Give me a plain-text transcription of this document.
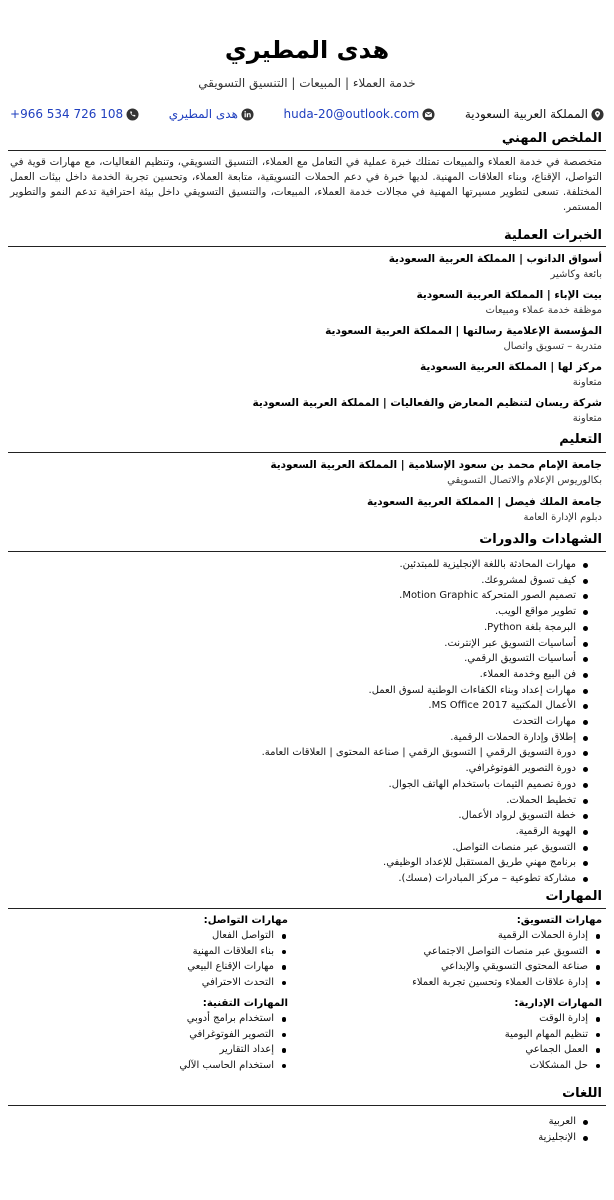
هدى المطيري
خدمة العملاء | المبيعات | التنسيق التسويقي
المملكة العربية السعودية
huda-20@outlook.com
هدى المطيري
+966 534 726 108
الملخص المهني
متخصصة في خدمة العملاء والمبيعات تمتلك خبرة عملية في التعامل مع العملاء، التنسيق التسويقي، وتنظيم الفعاليات، مع مهارات قوية في التواصل، الإقناع، وبناء العلاقات المهنية. لديها خبرة في دعم الحملات التسويقية، متابعة العملاء، وتحسين تجربة الخدمة داخل بيئات العمل المختلفة. تسعى لتطوير مسيرتها المهنية في مجالات خدمة العملاء، المبيعات، والتنسيق التسويقي داخل بيئة احترافية تدعم النمو والتطوير المستمر.
الخبرات العملية
أسواق الدانوب | المملكة العربية السعودية
بائعة وكاشير
بيت الإباء | المملكة العربية السعودية
موظفة خدمة عملاء ومبيعات
المؤسسة الإعلامية رسالتها | المملكة العربية السعودية
متدربة – تسويق واتصال
مركز لها | المملكة العربية السعودية
متعاونة
شركة ريسان لتنظيم المعارض والفعاليات | المملكة العربية السعودية
متعاونة
التعليم
جامعة الإمام محمد بن سعود الإسلامية | المملكة العربية السعودية
بكالوريوس الإعلام والاتصال التسويقي
جامعة الملك فيصل | المملكة العربية السعودية
دبلوم الإدارة العامة
الشهادات والدورات
مهارات المحادثة باللغة الإنجليزية للمبتدئين.
كيف تسوق لمشروعك.
تصميم الصور المتحركة Motion Graphic.
تطوير مواقع الويب.
البرمجة بلغة Python.
أساسيات التسويق عبر الإنترنت.
أساسيات التسويق الرقمي.
فن البيع وخدمة العملاء.
مهارات إعداد وبناء الكفاءات الوطنية لسوق العمل.
الأعمال المكتبية MS Office 2017.
مهارات التحدث
إطلاق وإدارة الحملات الرقمية.
دورة التسويق الرقمي | التسويق الرقمي | صناعة المحتوى | العلاقات العامة.
دورة التصوير الفوتوغرافي.
دورة تصميم الثيمات باستخدام الهاتف الجوال.
تخطيط الحملات.
خطة التسويق لرواد الأعمال.
الهوية الرقمية.
التسويق عبر منصات التواصل.
برنامج مهني طريق المستقبل للإعداد الوظيفي.
مشاركة تطوعية – مركز المبادرات (مسك).
المهارات
مهارات التسويق:
إدارة الحملات الرقمية
التسويق عبر منصات التواصل الاجتماعي
صناعة المحتوى التسويقي والإبداعي
إدارة علاقات العملاء وتحسين تجربة العملاء
مهارات التواصل:
التواصل الفعال
بناء العلاقات المهنية
مهارات الإقناع البيعي
التحدث الاحترافي
المهارات الإدارية:
إدارة الوقت
تنظيم المهام اليومية
العمل الجماعي
حل المشكلات
المهارات التقنية:
استخدام برامج أدوبي
التصوير الفوتوغرافي
إعداد التقارير
استخدام الحاسب الآلي
اللغات
العربية
الإنجليزية
